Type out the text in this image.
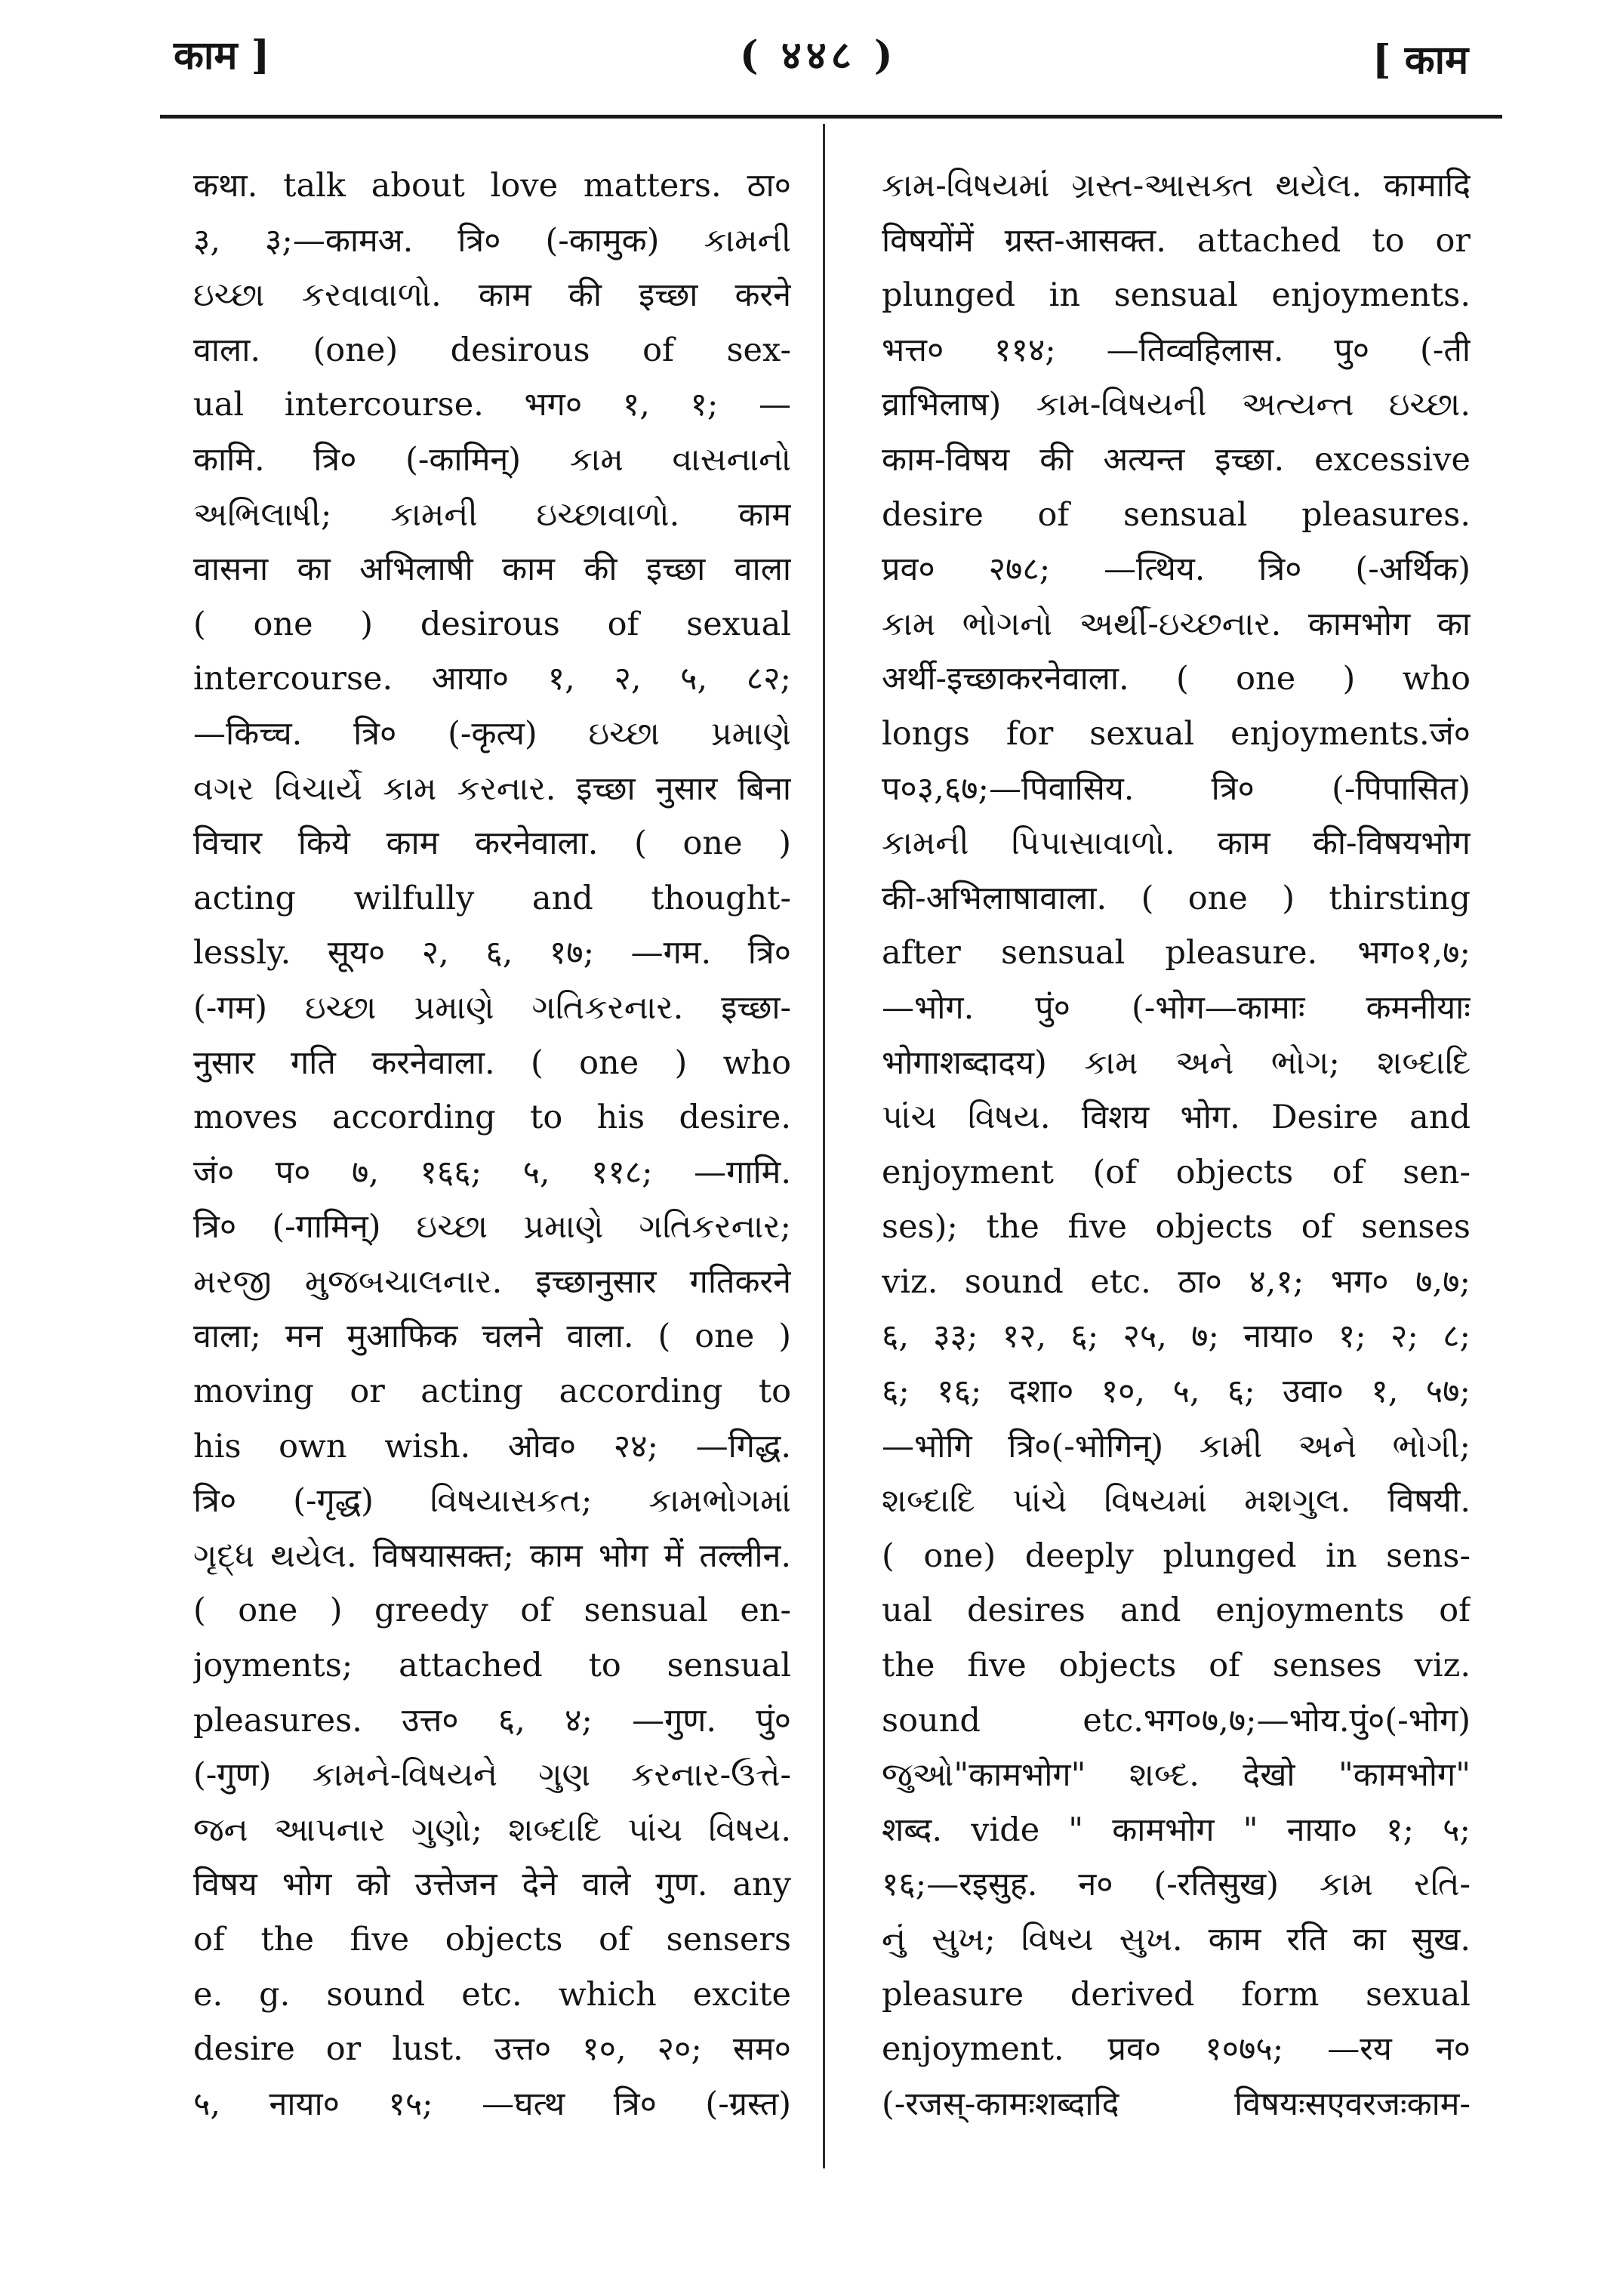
काम ]	( ४४८ )	[ काम
कथा. talk about love matters. ठा०
३, ३;—कामअ. त्रि० (-कामुक) કામની
ઇચ્છા કરવાવાળો. काम की इच्छा करने
वाला. (one) desirous of sex-
ual intercourse. भग० १, १; —
कामि. त्रि० (-कामिन्) કામ વાસનાનો
અભિલાષી; કામની ઇચ્છાવાળો. काम
वासना का अभिलाषी काम की इच्छा वाला
( one ) desirous of sexual
intercourse. आया० १, २, ५, ८२;
—किच्च. त्रि० (-कृत्य) ઇચ્છા પ્રમાણે
વગર વિચાર્યે કામ કરનાર. इच्छा नुसार बिना
विचार किये काम करनेवाला. ( one )
acting wilfully and thought-
lessly. सूय० २, ६, १७; —गम. त्रि०
(-गम) ઇચ્છા પ્રમાણે ગતિકરનાર. इच्छा-
नुसार गति करनेवाला. ( one ) who
moves according to his desire.
जं० प० ७, १६६; ५, ११८; —गामि.
त्रि० (-गामिन्) ઇચ્છા પ્રમાણે ગતિકરનાર;
મરજી મુજબચાલનાર. इच्छानुसार गतिकरने
वाला; मन मुआफिक चलने वाला. ( one )
moving or acting according to
his own wish. ओव० २४; —गिद्ध.
त्रि० (-गृद्ध) વિષયાસકત; કામભોગમાં
ગૃદ્ધ થયેલ. विषयासक्त; काम भोग में तल्लीन.
( one ) greedy of sensual en-
joyments; attached to sensual
pleasures. उत्त० ६, ४; —गुण. पुं०
(-गुण) કામને-વિષયને ગુણ કરનાર-ઉત્તે-
જન આપનાર ગુણો; શબ્દાદિ પાંચ વિષય.
विषय भोग को उत्तेजन देने वाले गुण. any
of the five objects of sensers
e. g. sound etc. which excite
desire or lust. उत्त० १०, २०; सम०
५, नाया० १५; —घत्थ त्रि० (-ग्रस्त)
કામ-વિષયમાં ગ્રસ્ત-આસક્ત થયેલ. कामादि
विषयोंमें ग्रस्त-आसक्त. attached to or
plunged in sensual enjoyments.
भत्त० ११४; —तिव्वहिलास. पु० (-ती
व्राभिलाष) કામ-વિષયની અત્યન્ત ઇચ્છા.
काम-विषय की अत्यन्त इच्छा. excessive
desire of sensual pleasures.
प्रव० २७८; —त्थिय. त्रि० (-अर्थिक)
કામ ભોગનો અર્થી-ઇચ્છનાર. कामभोग का
अर्थी-इच्छाकरनेवाला. ( one ) who
longs for sexual enjoyments.जं०
प०३,६७;—पिवासिय. त्रि० (-पिपासित)
કામની પિપાસાવાળો. काम की-विषयभोग
की-अभिलाषावाला. ( one ) thirsting
after sensual pleasure. भग०१,७;
—भोग. पुं० (-भोग—कामाः कमनीयाः
भोगाशब्दादय) કામ અને ભોગ; શબ્દાદિ
પાંચ વિષય. विशय भोग. Desire and
enjoyment (of objects of sen-
ses); the five objects of senses
viz. sound etc. ठा० ४,१; भग० ७,७;
६, ३३; १२, ६; २५, ७; नाया० १; २; ८;
६; १६; दशा० १०, ५, ६; उवा० १, ५७;
—भोगि त्रि०(-भोगिन्) કામી અને ભોગી;
શબ્દાદિ પાંચે વિષયમાં મશગુલ. विषयी.
( one) deeply plunged in sens-
ual desires and enjoyments of
the five objects of senses viz.
sound etc.भग०७,७;—भोय.पुं०(-भोग)
જુઓ"कामभोग" શબ્દ. देखो "कामभोग"
शब्द. vide " कामभोग " नाया० १; ५;
१६;—रइसुह. न० (-रतिसुख) કામ રતિ-
નું સુખ; વિષય સુખ. काम रति का सुख.
pleasure derived form sexual
enjoyment. प्रव० १०७५; —रय न०
(-रजस्-कामःशब्दादि विषयःसएवरजःकाम-
